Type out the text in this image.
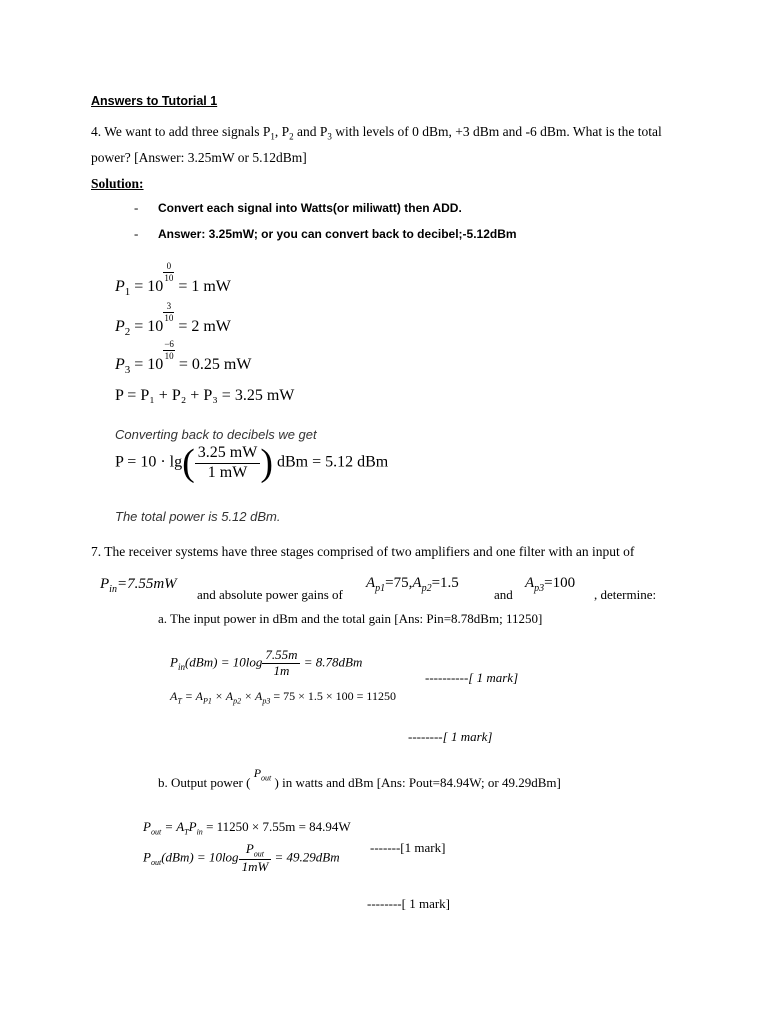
Answers to Tutorial 1
4. We want to add three signals $P_1$, $P_2$ and $P_3$ with levels of 0 dBm, +3 dBm and -6 dBm. What is the total
power? [Answer: 3.25mW or 5.12dBm]
Solution:
- Convert each signal into Watts(or miliwatt) then ADD.
- Answer: 3.25mW; or you can convert back to decibel;-5.12dBm
$P_1 = 10$
$\frac{0}{10}$
= 1 mW
$P_2 = 10$
$\frac{3}{10}$
= 2 mW
$P_3 = 10$
$\frac{-6}{10}$
= 0.25 mW
P = P₁ + P₂ + P₃ = 3.25 mW
Converting back to decibels we get
$P = 10 \cdot \lg( \frac{3.25 mW}{1 mW}$ ) dBm = 5.12 dBm
The total power is 5.12 dBm.
7. The receiver systems have three stages comprised of two amplifiers and one filter with an input of
$P_{in}=7.55mW$
and absolute power gains of
$A_{p1}=75,A_{p2}=1.5$
and
$A_{p3}=100$
, determine:
a. The input power in dBm and the total gain [Ans: Pin=8.78dBm; 11250]
$P_{in}(dBm) = 10\log \frac{7.55m}{1m} = 8.78dBm$
----------[ 1 mark]
$A_T = A_{P1} \times A_{p2} \times A_{p3} = 75 \times 1.5 \times 100 = 11250$
--------[ 1 mark]
b. Output power ( $P_{out}$ ) in watts and dBm [Ans: Pout=84.94W; or 49.29dBm]
$P_{out} = A_TP_{in} = 11250 \times 7.55m = 84.94W$
$P_{out}(dBm) = 10\log \frac{P_{out}}{1mW} = 49.29dBm$
-------[1 mark]
--------[ 1 mark]
